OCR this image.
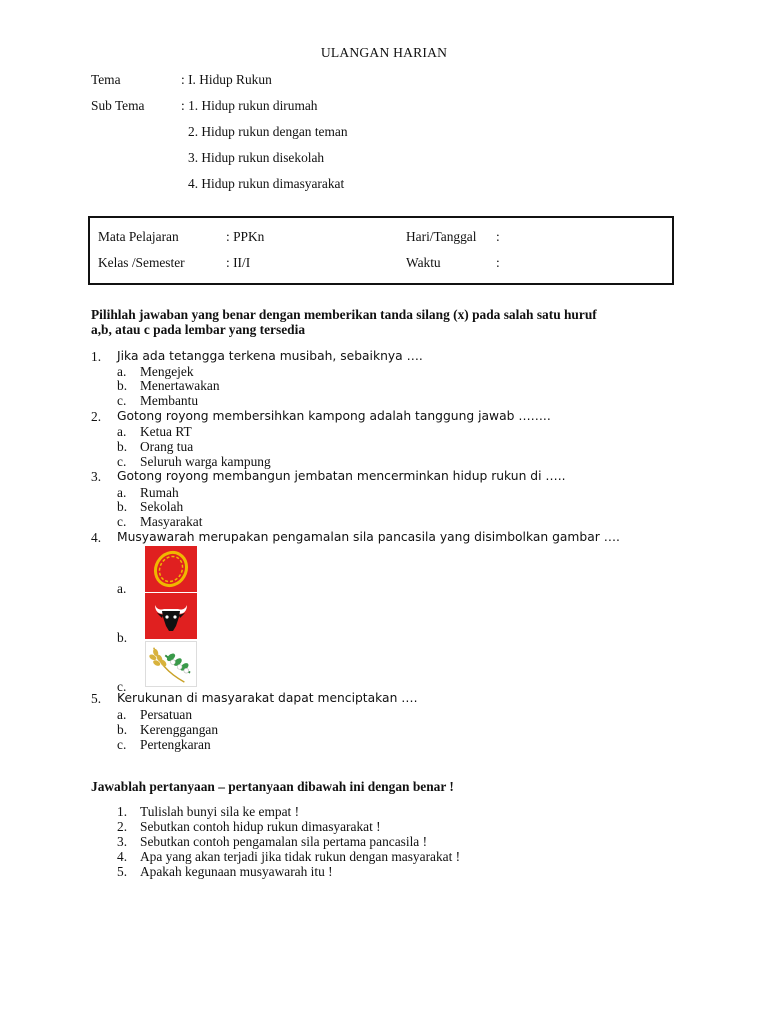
ULANGAN HARIAN
Tema	: I. Hidup Rukun
Sub Tema	: 1. Hidup rukun dirumah
2. Hidup rukun dengan teman
3. Hidup rukun disekolah
4. Hidup rukun dimasyarakat
Mata Pelajaran	: PPKn	Hari/Tanggal :
Kelas /Semester	: II/I	Waktu	:
Pilihlah jawaban yang benar dengan memberikan tanda silang (x) pada salah satu huruf
a,b, atau c pada lembar yang tersedia
1. Jika ada tetangga terkena musibah, sebaiknya ….
a. Mengejek
b. Menertawakan
c. Membantu
2. Gotong royong membersihkan kampong adalah tanggung jawab ……..
a. Ketua RT
b. Orang tua
c. Seluruh warga kampung
3. Gotong royong membangun jembatan mencerminkan hidup rukun di …..
a. Rumah
b. Sekolah
c. Masyarakat
4. Musyawarah merupakan pengamalan sila pancasila yang disimbolkan gambar ….
a.
b.
c.
5. Kerukunan di masyarakat dapat menciptakan ….
a. Persatuan
b. Kerenggangan
c. Pertengkaran
Jawablah pertanyaan – pertanyaan dibawah ini dengan benar !
1. Tulislah bunyi sila ke empat !
2. Sebutkan contoh hidup rukun dimasyarakat !
3. Sebutkan contoh pengamalan sila pertama pancasila !
4. Apa yang akan terjadi jika tidak rukun dengan masyarakat !
5. Apakah kegunaan musyawarah itu !
